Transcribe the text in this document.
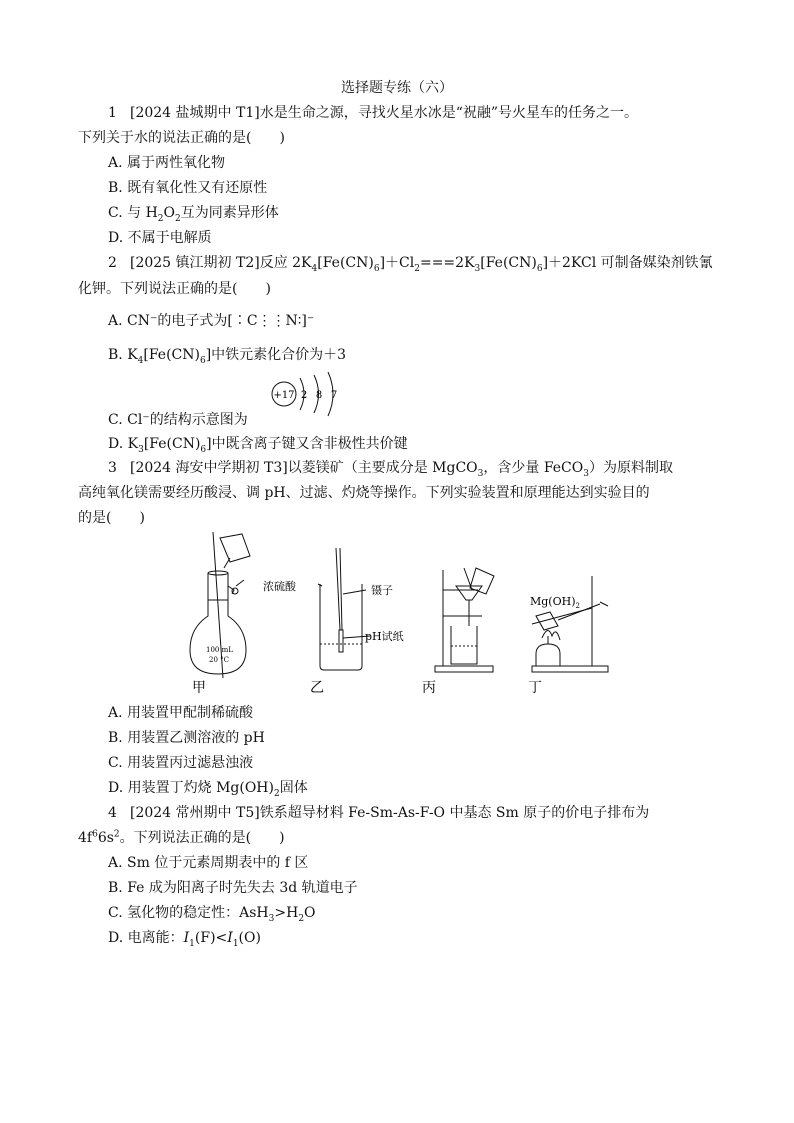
选择题专练（六）
1 [2024 盐城期中 T1]水是生命之源，寻找火星水冰是“祝融”号火星车的任务之一。
下列关于水的说法正确的是(　　)
A. 属于两性氧化物
B. 既有氧化性又有还原性
C. 与 $H_2O_2$互为同素异形体
D. 不属于电解质
2 [2025 镇江期初 T2]反应 $2K_4[Fe(CN)_6]+Cl_2===2K_3[Fe(CN)_6]+2KCl$ 可制备媒染剂铁氰
化钾。下列说法正确的是(　　)
A. CN⁻的电子式为[∶C⋮⋮N∶]⁻
B. $K_4[Fe(CN)_6]$中铁元素化合价为＋3
+17 2 8 7
C. Cl⁻的结构示意图为
D. $K_3[Fe(CN)_6]$中既含离子键又含非极性共价键
3 [2024 海安中学期初 T3]以菱镁矿（主要成分是 MgCO$_3$，含少量 FeCO$_3$）为原料制取
高纯氧化镁需要经历酸浸、调 pH、过滤、灼烧等操作。下列实验装置和原理能达到实验目的
的是(　　)
浓硫酸
100 mL
20 °C
镊子
pH试纸
$Mg(OH)_2$
甲	乙	丙	丁
A. 用装置甲配制稀硫酸
B. 用装置乙测溶液的 pH
C. 用装置丙过滤悬浊液
D. 用装置丁灼烧 $Mg(OH)_2$固体
4 [2024 常州期中 T5]铁系超导材料 Fe-Sm-As-F-O 中基态 Sm 原子的价电子排布为
$4f^66s^2$。下列说法正确的是(　　)
A. Sm 位于元素周期表中的 f 区
B. Fe 成为阳离子时先失去 3d 轨道电子
C. 氢化物的稳定性：$AsH_3>H_2O$
D. 电离能：$I_1(F)<I_1(O)$
